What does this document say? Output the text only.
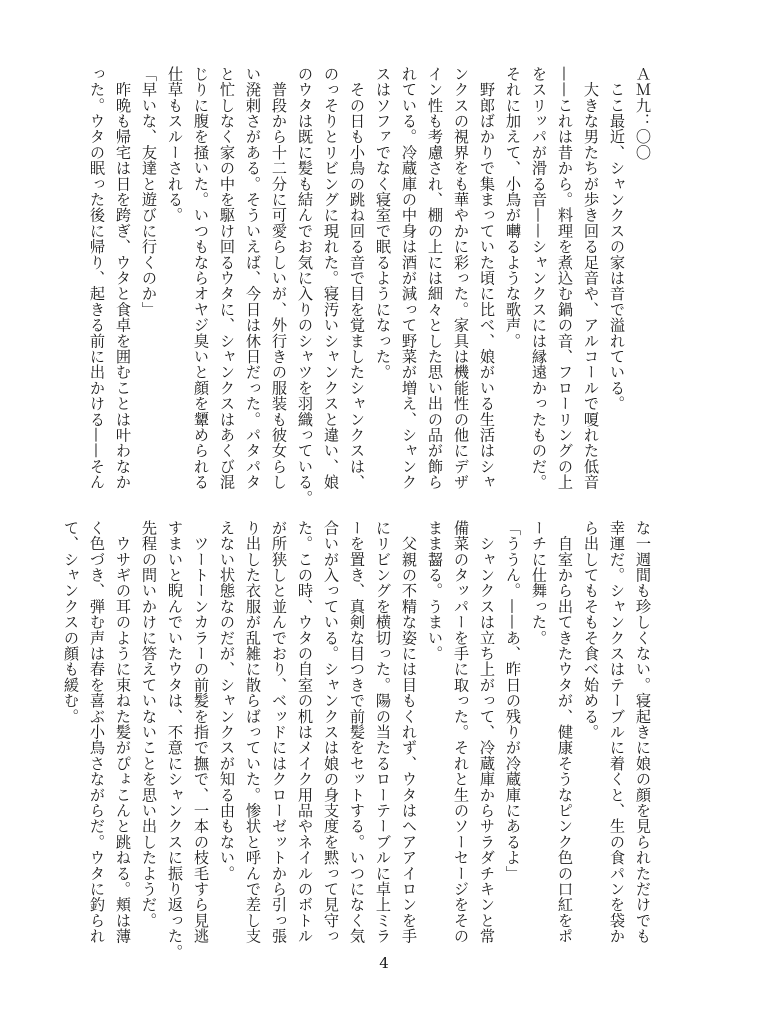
ＡＭ九：〇〇

ここ最近、シャンクスの家は音で溢れている。

大きな男たちが歩き回る足音や、アルコールで嗄れた低音

——これは昔から。料理を煮込む鍋の音、フローリングの上

をスリッパが滑る音——シャンクスには縁遠かったものだ。

それに加えて、小鳥が囀るような歌声。

野郎ばかりで集まっていた頃に比べ、娘がいる生活はシャ

ンクスの視界をも華やかに彩った。家具は機能性の他にデザ

イン性も考慮され、棚の上には細々とした思い出の品が飾ら

れている。冷蔵庫の中身は酒が減って野菜が増え、シャンク

スはソファでなく寝室で眠るようになった。

その日も小鳥の跳ね回る音で目を覚ましたシャンクスは、

のっそりとリビングに現れた。寝汚いシャンクスと違い、娘

のウタは既に髪も結んでお気に入りのシャツを羽織っている。

普段から十二分に可愛らしいが、外行きの服装も彼女らし

い溌剌さがある。そういえば、今日は休日だった。パタパタ

と忙しなく家の中を駆け回るウタに、シャンクスはあくび混

じりに腹を掻いた。いつもならオヤジ臭いと顔を顰められる

仕草もスルーされる。

「早いな、友達と遊びに行くのか」

昨晩も帰宅は日を跨ぎ、ウタと食卓を囲むことは叶わなか

った。ウタの眠った後に帰り、起きる前に出かける——そん

な一週間も珍しくない。寝起きに娘の顔を見られただけでも

幸運だ。シャンクスはテーブルに着くと、生の食パンを袋か

ら出してもそもそ食べ始める。

自室から出てきたウタが、健康そうなピンク色の口紅をポ

ーチに仕舞った。

「ううん。——あ、昨日の残りが冷蔵庫にあるよ」

シャンクスは立ち上がって、冷蔵庫からサラダチキンと常

備菜のタッパーを手に取った。それと生のソーセージをその

まま齧る。うまい。

父親の不精な姿には目もくれず、ウタはヘアアイロンを手

にリビングを横切った。陽の当たるローテーブルに卓上ミラ

ーを置き、真剣な目つきで前髪をセットする。いつになく気

合いが入っている。シャンクスは娘の身支度を黙って見守っ

た。この時、ウタの自室の机はメイク用品やネイルのボトル

が所狭しと並んでおり、ベッドにはクローゼットから引っ張

り出した衣服が乱雑に散らばっていた。惨状と呼んで差し支

えない状態なのだが、シャンクスが知る由もない。

ツートーンカラーの前髪を指で撫で、一本の枝毛すら見逃

すまいと睨んでいたウタは、不意にシャンクスに振り返った。

先程の問いかけに答えていないことを思い出したようだ。

ウサギの耳のように束ねた髪がぴょこんと跳ねる。頬は薄

く色づき、弾む声は春を喜ぶ小鳥さながらだ。ウタに釣られ

て、シャンクスの顔も緩む。

4
